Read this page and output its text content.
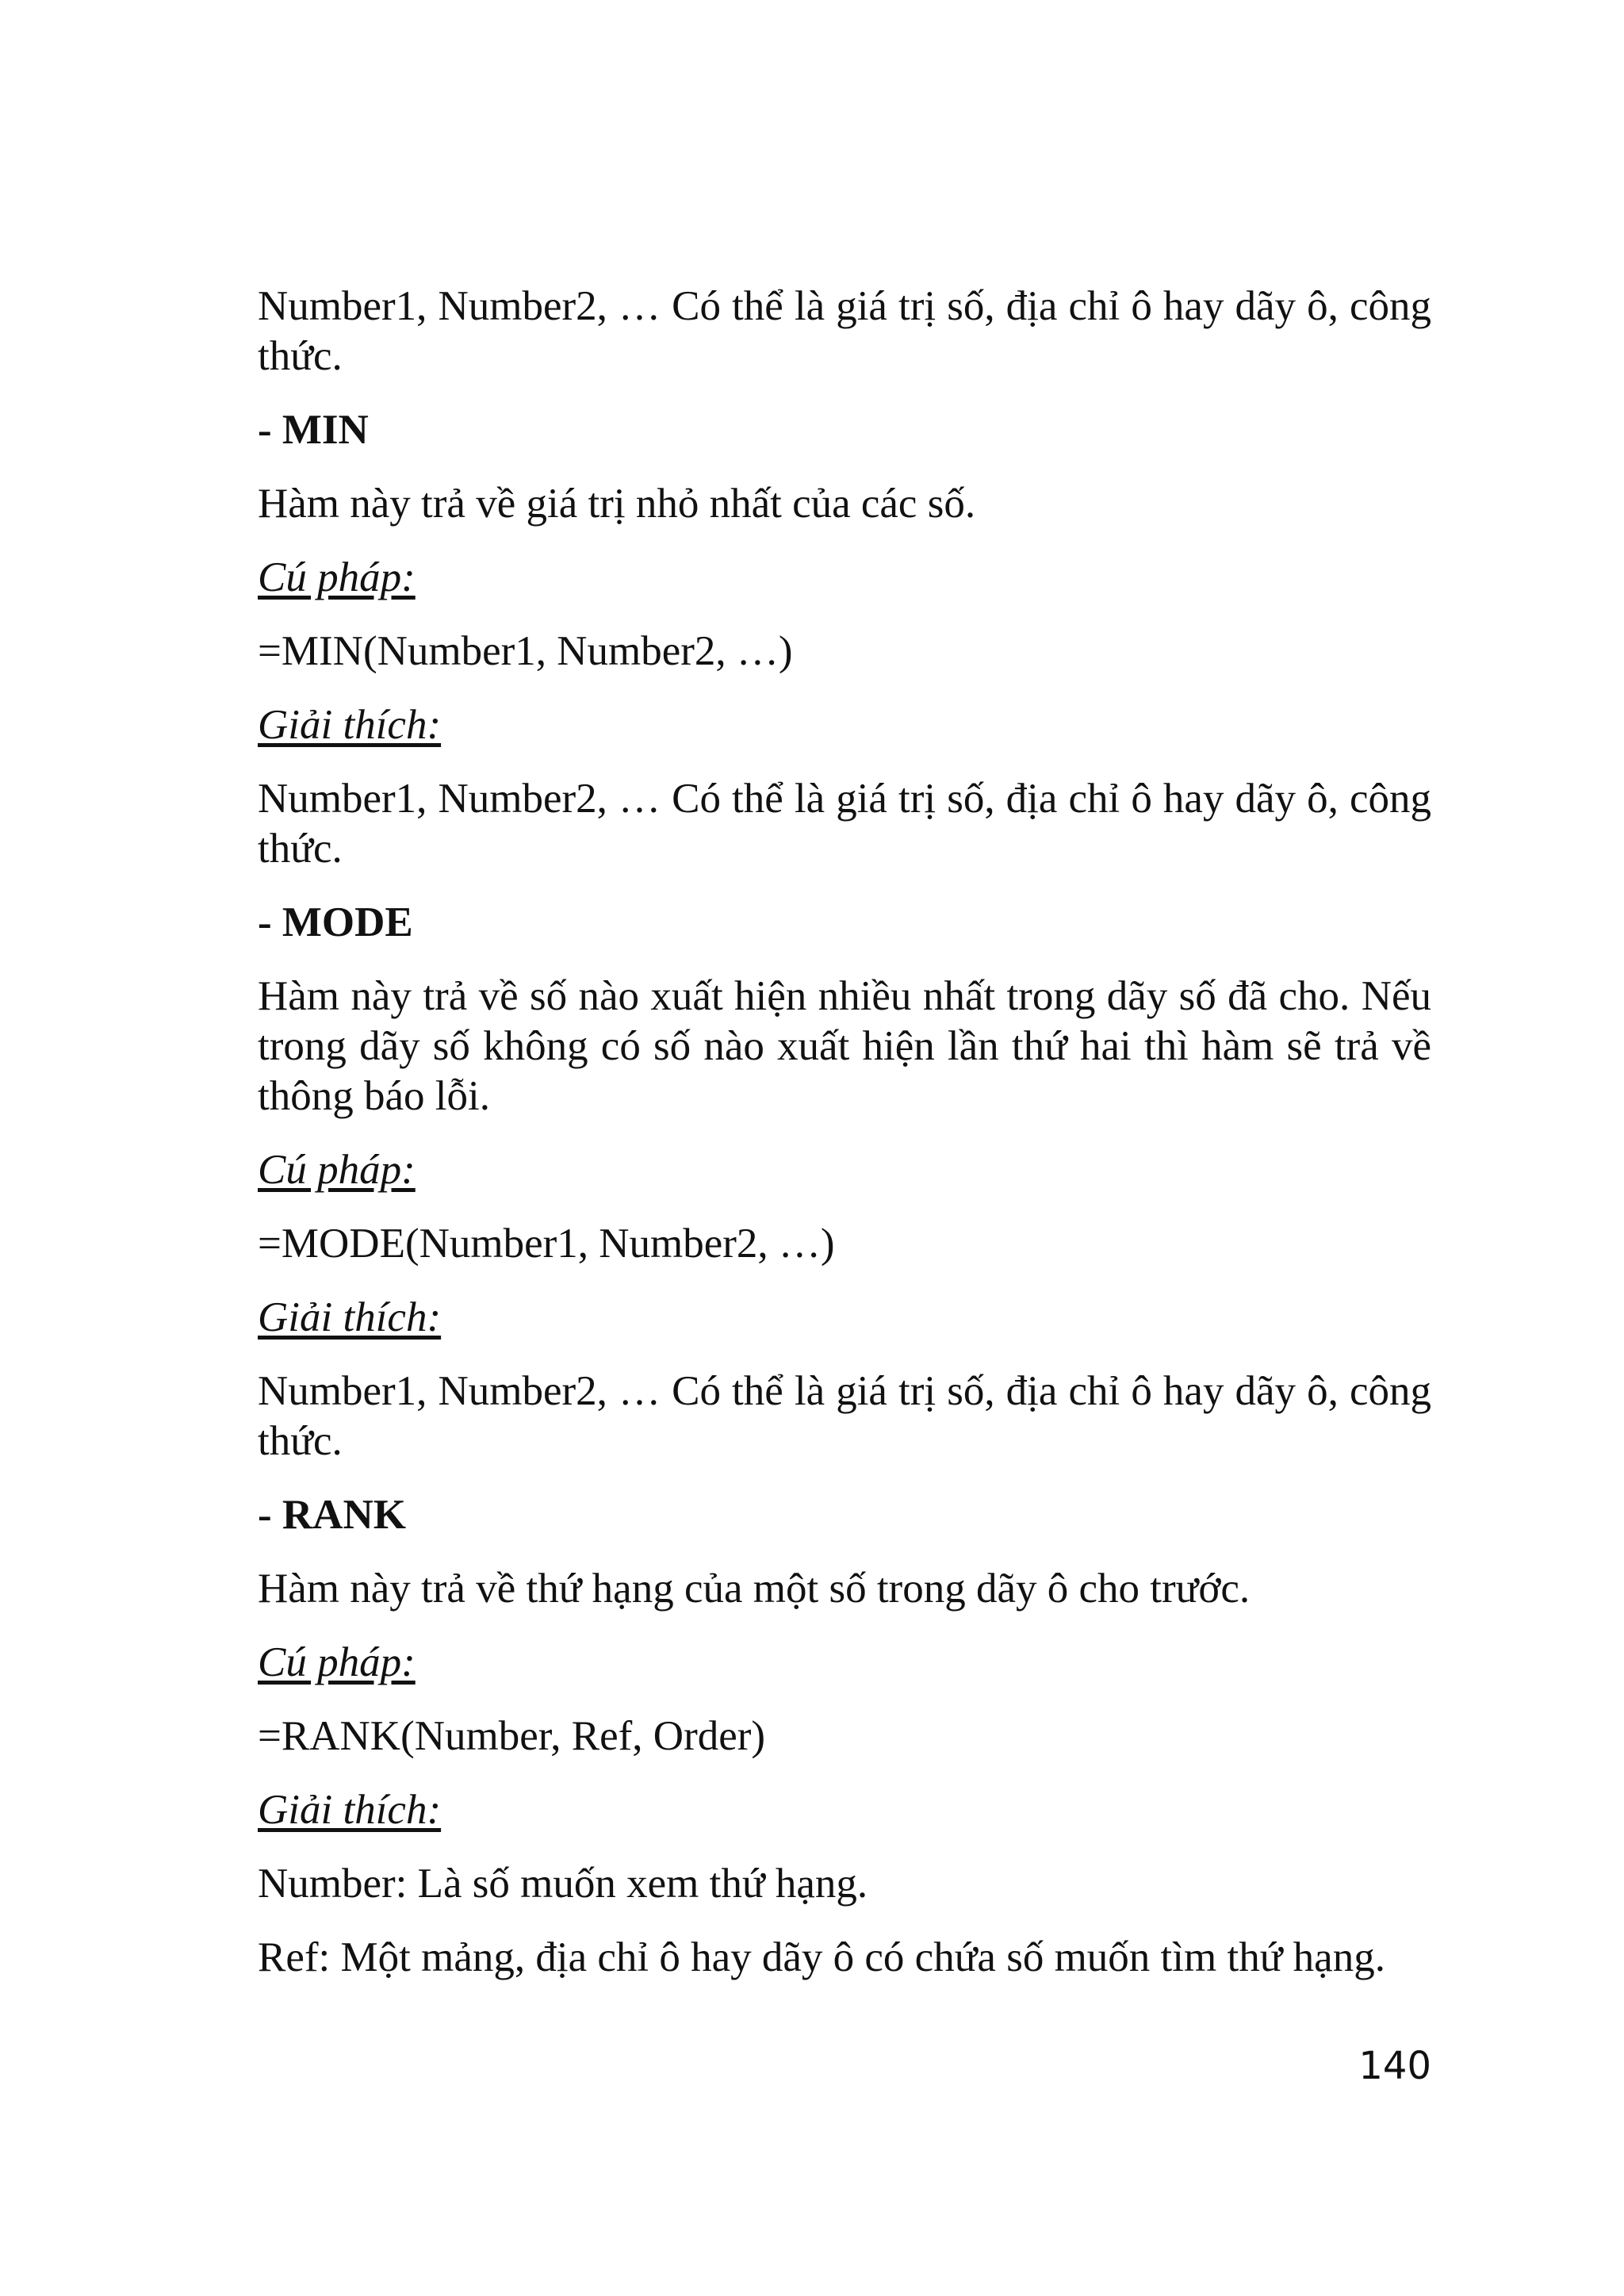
Number1, Number2, … Có thể là giá trị số, địa chỉ ô hay dãy ô, công thức.

- MIN

Hàm này trả về giá trị nhỏ nhất của các số.

Cú pháp:
=MIN(Number1, Number2, …)
Giải thích:

Number1, Number2, … Có thể là giá trị số, địa chỉ ô hay dãy ô, công thức.

- MODE

Hàm này trả về số nào xuất hiện nhiều nhất trong dãy số đã cho. Nếu trong dãy số không có số nào xuất hiện lần thứ hai thì hàm sẽ trả về thông báo lỗi.

Cú pháp:
=MODE(Number1, Number2, …)
Giải thích:

Number1, Number2, … Có thể là giá trị số, địa chỉ ô hay dãy ô, công thức.

- RANK

Hàm này trả về thứ hạng của một số trong dãy ô cho trước.

Cú pháp:
=RANK(Number, Ref, Order)
Giải thích:

Number: Là số muốn xem thứ hạng.

Ref: Một mảng, địa chỉ ô hay dãy ô có chứa số muốn tìm thứ hạng.

140
